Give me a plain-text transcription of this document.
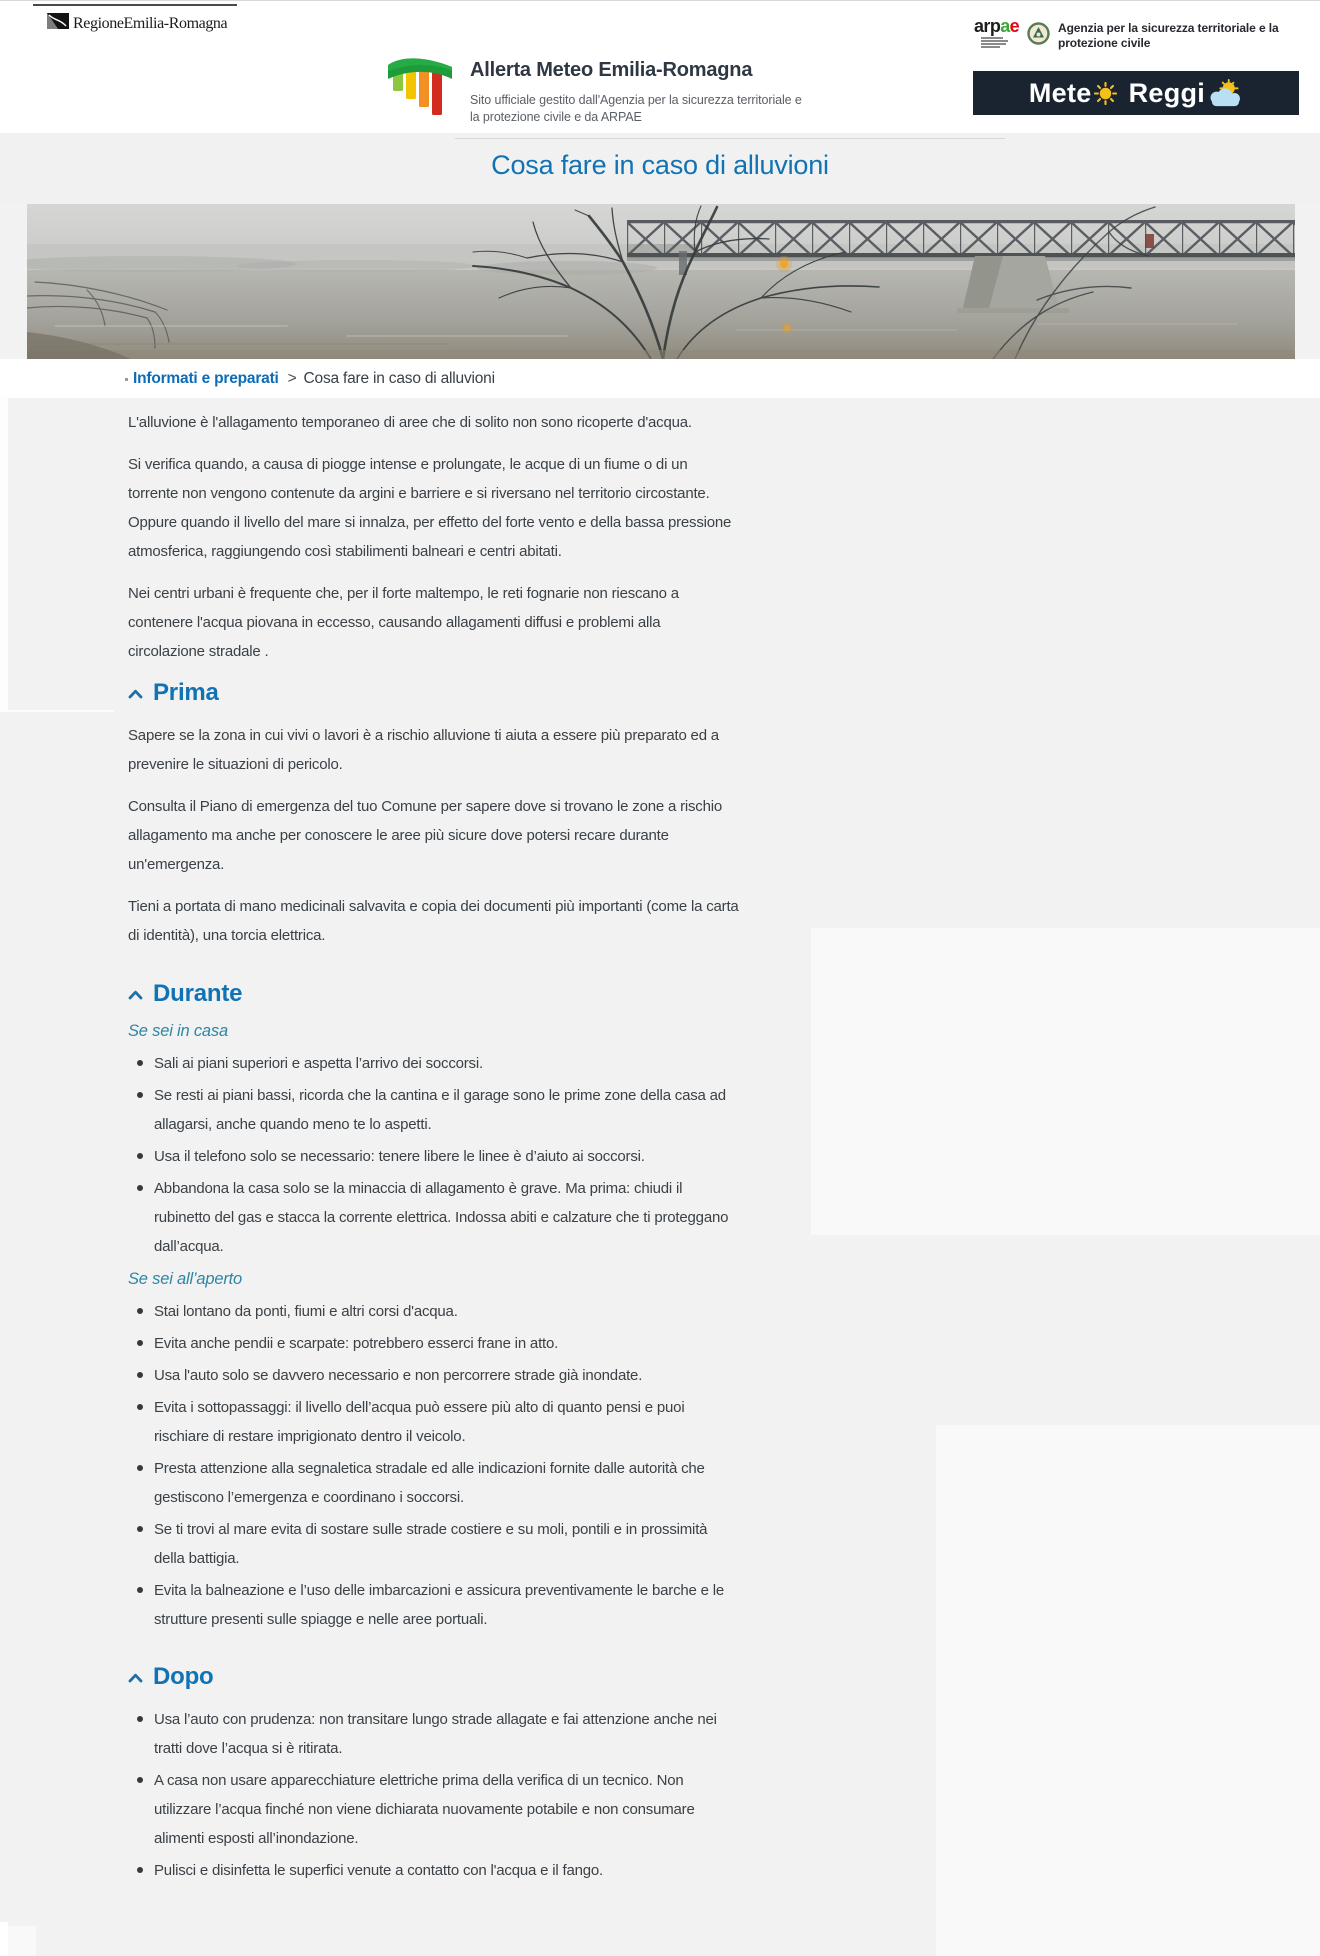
RegioneEmilia-Romagna
Allerta Meteo Emilia-Romagna
Sito ufficiale gestito dall'Agenzia per la sicurezza territoriale e
la protezione civile e da ARPAE
arpae	Agenzia per la sicurezza territoriale e la
protezione civile
Mete Reggi
Cosa fare in caso di alluvioni
Informati e preparati > Cosa fare in caso di alluvioni

L'alluvione è l'allagamento temporaneo di aree che di solito non sono ricoperte d'acqua.

Si verifica quando, a causa di piogge intense e prolungate, le acque di un fiume o di un torrente non vengono contenute da argini e barriere e si riversano nel territorio circostante. Oppure quando il livello del mare si innalza, per effetto del forte vento e della bassa pressione atmosferica, raggiungendo così stabilimenti balneari e centri abitati.

Nei centri urbani è frequente che, per il forte maltempo, le reti fognarie non riescano a contenere l'acqua piovana in eccesso, causando allagamenti diffusi e problemi alla circolazione stradale .

Prima

Sapere se la zona in cui vivi o lavori è a rischio alluvione ti aiuta a essere più preparato ed a prevenire le situazioni di pericolo.

Consulta il Piano di emergenza del tuo Comune per sapere dove si trovano le zone a rischio allagamento ma anche per conoscere le aree più sicure dove potersi recare durante un'emergenza.

Tieni a portata di mano medicinali salvavita e copia dei documenti più importanti (come la carta di identità), una torcia elettrica.

Durante
Se sei in casa
Sali ai piani superiori e aspetta l’arrivo dei soccorsi.
Se resti ai piani bassi, ricorda che la cantina e il garage sono le prime zone della casa ad allagarsi, anche quando meno te lo aspetti.
Usa il telefono solo se necessario: tenere libere le linee è d’aiuto ai soccorsi.
Abbandona la casa solo se la minaccia di allagamento è grave. Ma prima: chiudi il rubinetto del gas e stacca la corrente elettrica. Indossa abiti e calzature che ti proteggano dall’acqua.
Se sei all’aperto
Stai lontano da ponti, fiumi e altri corsi d'acqua.
Evita anche pendii e scarpate: potrebbero esserci frane in atto.
Usa l'auto solo se davvero necessario e non percorrere strade già inondate.
Evita i sottopassaggi: il livello dell’acqua può essere più alto di quanto pensi e puoi rischiare di restare imprigionato dentro il veicolo.
Presta attenzione alla segnaletica stradale ed alle indicazioni fornite dalle autorità che gestiscono l’emergenza e coordinano i soccorsi.
Se ti trovi al mare evita di sostare sulle strade costiere e su moli, pontili e in prossimità della battigia.
Evita la balneazione e l’uso delle imbarcazioni e assicura preventivamente le barche e le strutture presenti sulle spiagge e nelle aree portuali.
Dopo
Usa l’auto con prudenza: non transitare lungo strade allagate e fai attenzione anche nei tratti dove l’acqua si è ritirata.
A casa non usare apparecchiature elettriche prima della verifica di un tecnico. Non utilizzare l’acqua finché non viene dichiarata nuovamente potabile e non consumare alimenti esposti all’inondazione.
Pulisci e disinfetta le superfici venute a contatto con l'acqua e il fango.
